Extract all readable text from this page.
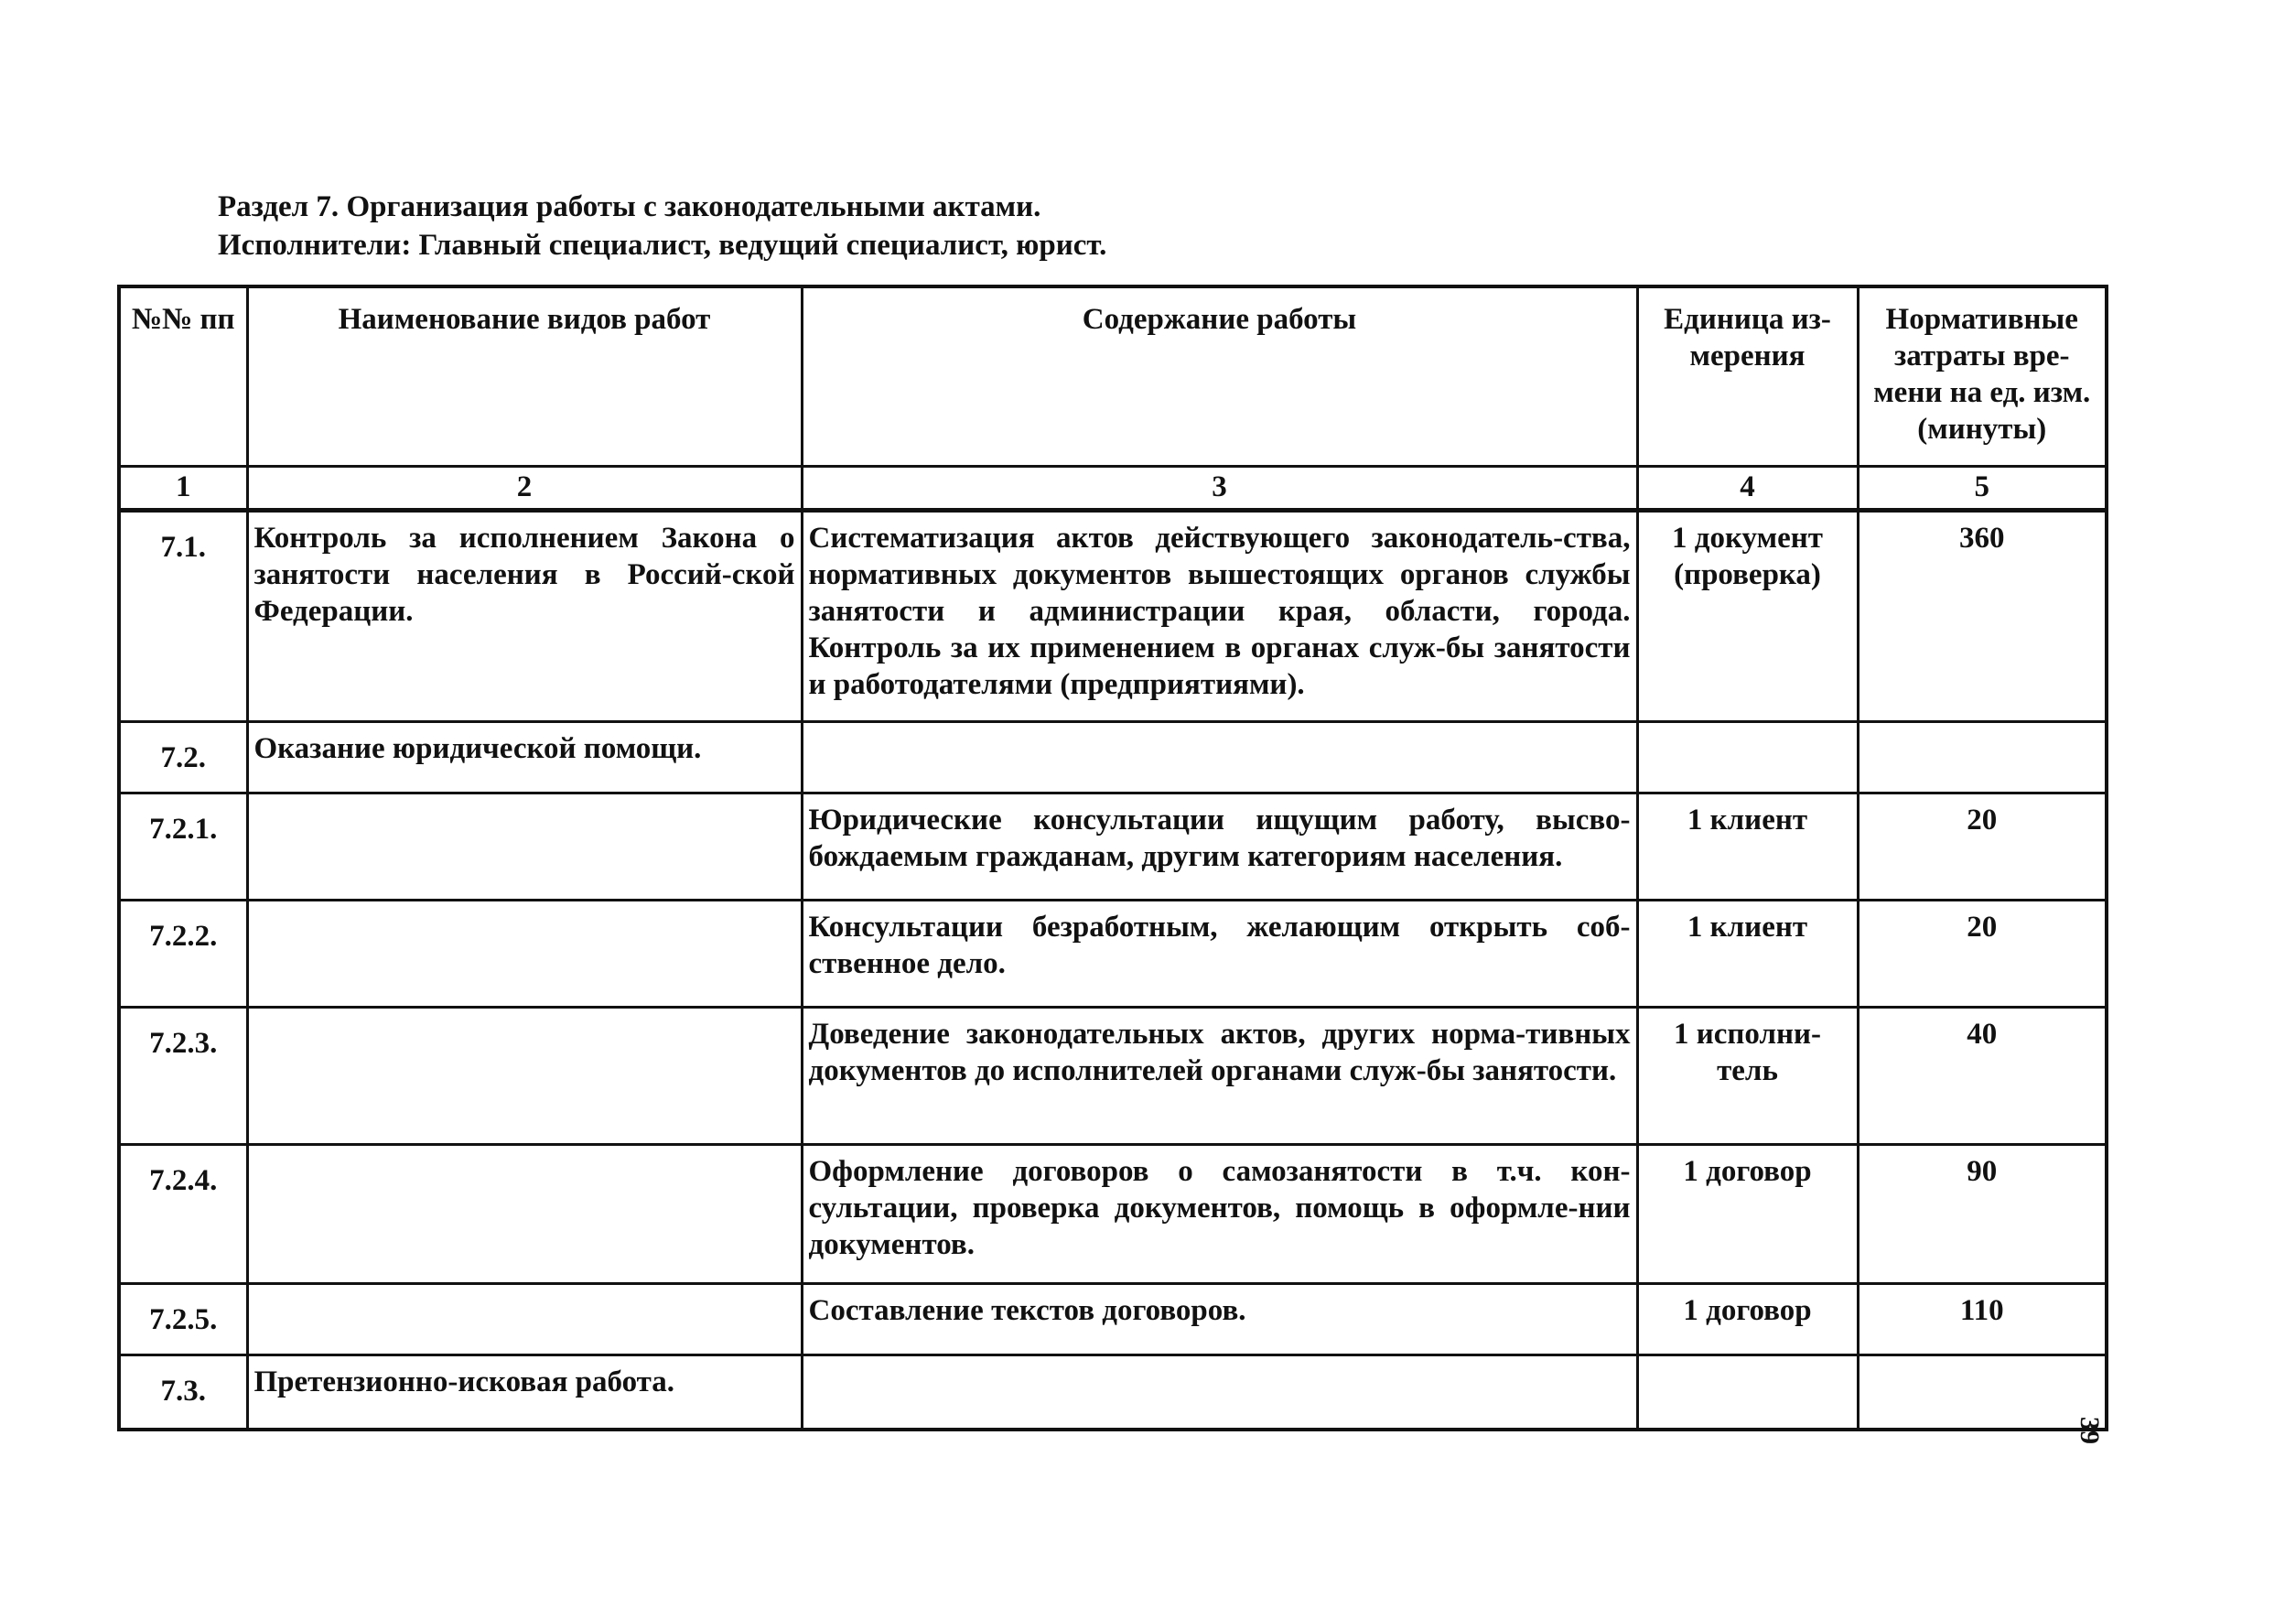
Раздел 7. Организация работы с законодательными актами.
Исполнители: Главный специалист, ведущий специалист, юрист.
№№ пп	Наименование видов работ	Содержание работы	Единица из-мерения	Нормативные затраты вре-мени на ед. изм. (минуты)
1	2	3	4	5
7.1.	Контроль за исполнением Закона о занятости населения в Россий-ской Федерации.	Систематизация актов действующего законодатель-ства, нормативных документов вышестоящих органов службы занятости и администрации края, области, города. Контроль за их применением в органах служ-бы занятости и работодателями (предприятиями).	1 документ (проверка)	360
7.2.	Оказание юридической помощи.			
7.2.1.		Юридические консультации ищущим работу, высво-бождаемым гражданам, другим категориям населения.	1 клиент	20
7.2.2.		Консультации безработным, желающим открыть соб-ственное дело.	1 клиент	20
7.2.3.		Доведение законодательных актов, других норма-тивных документов до исполнителей органами служ-бы занятости.	1 исполни-тель	40
7.2.4.		Оформление договоров о самозанятости в т.ч. кон-сультации, проверка документов, помощь в оформле-нии документов.	1 договор	90
7.2.5.		Составление текстов договоров.	1 договор	110
7.3.	Претензионно-исковая работа.			
39
